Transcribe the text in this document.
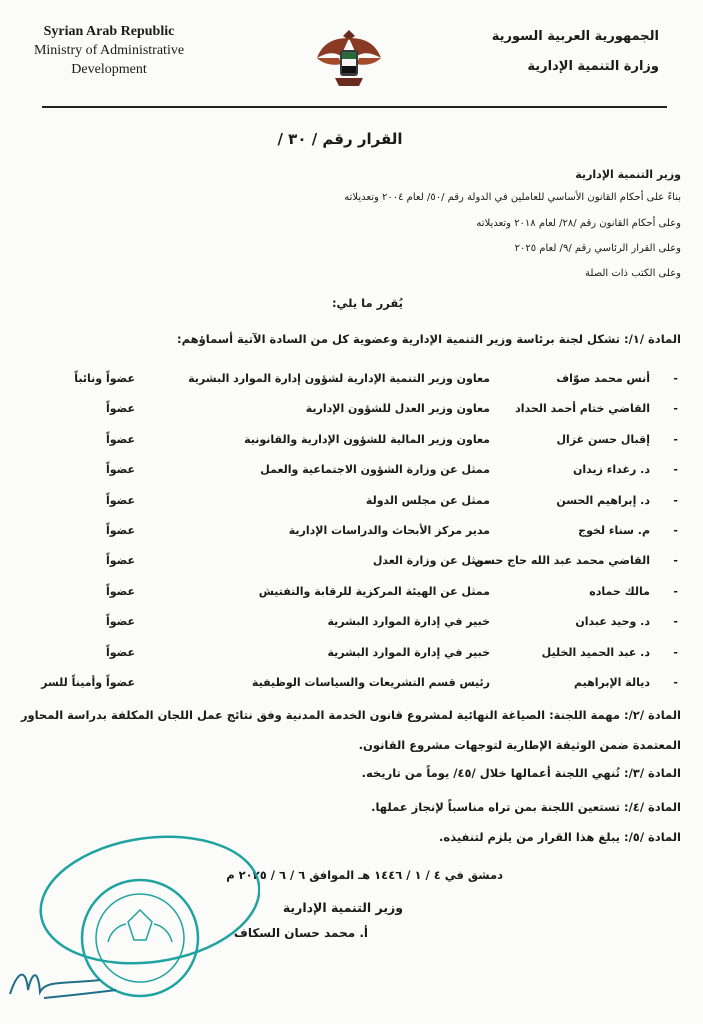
Syrian Arab Republic
Ministry of Administrative
Development
الجمهورية العربية السورية
وزارة التنمية الإدارية
القرار رقم / ٣٠ /
وزير التنمية الإدارية
بناءً على أحكام القانون الأساسي للعاملين في الدولة رقم /٥٠/ لعام ٢٠٠٤ وتعديلاته
وعلى أحكام القانون رقم /٢٨/ لعام ٢٠١٨ وتعديلاته
وعلى القرار الرئاسي رقم /٩/ لعام ٢٠٢٥
وعلى الكتب ذات الصلة
يُقرر ما يلي:
المادة /١/: تشكل لجنة برئاسة وزير التنمية الإدارية وعضوية كل من السادة الآتية أسماؤهم:
-
أنس محمد صوّاف
معاون وزير التنمية الإدارية لشؤون إدارة الموارد البشرية
عضواً ونائباً
-
القاضي ختام أحمد الحداد
معاون وزير العدل للشؤون الإدارية
عضواً
-
إقبال حسن غزال
معاون وزير المالية للشؤون الإدارية والقانونية
عضواً
-
د. رغداء زيدان
ممثل عن وزارة الشؤون الاجتماعية والعمل
عضواً
-
د. إبراهيم الحسن
ممثل عن مجلس الدولة
عضواً
-
م. سناء لخوج
مدير مركز الأبحاث والدراسات الإدارية
عضواً
-
القاضي محمد عبد الله حاج حسن
ممثل عن وزارة العدل
عضواً
-
مالك حماده
ممثل عن الهيئة المركزية للرقابة والتفتيش
عضواً
-
د. وحيد عبدان
خبير في إدارة الموارد البشرية
عضواً
-
د. عبد الحميد الخليل
خبير في إدارة الموارد البشرية
عضواً
-
ديالة الإبراهيم
رئيس قسم التشريعات والسياسات الوظيفية
عضواً وأميناً للسر
المادة /٢/: مهمة اللجنة: الصياغة النهائية لمشروع قانون الخدمة المدنية وفق نتائج عمل اللجان المكلفة بدراسة المحاور
المعتمدة ضمن الوثيقة الإطارية لتوجهات مشروع القانون.
المادة /٣/: تُنهي اللجنة أعمالها خلال /٤٥/ يوماً من تاريخه.
المادة /٤/: تستعين اللجنة بمن تراه مناسباً لإنجاز عملها.
المادة /٥/: يبلغ هذا القرار من يلزم لتنفيذه.
دمشق في ٤ / ١ / ١٤٤٦ هـ الموافق ٦ / ٦ / ٢٠٢٥ م
وزير التنمية الإدارية
أ. محمد حسان السكاف
